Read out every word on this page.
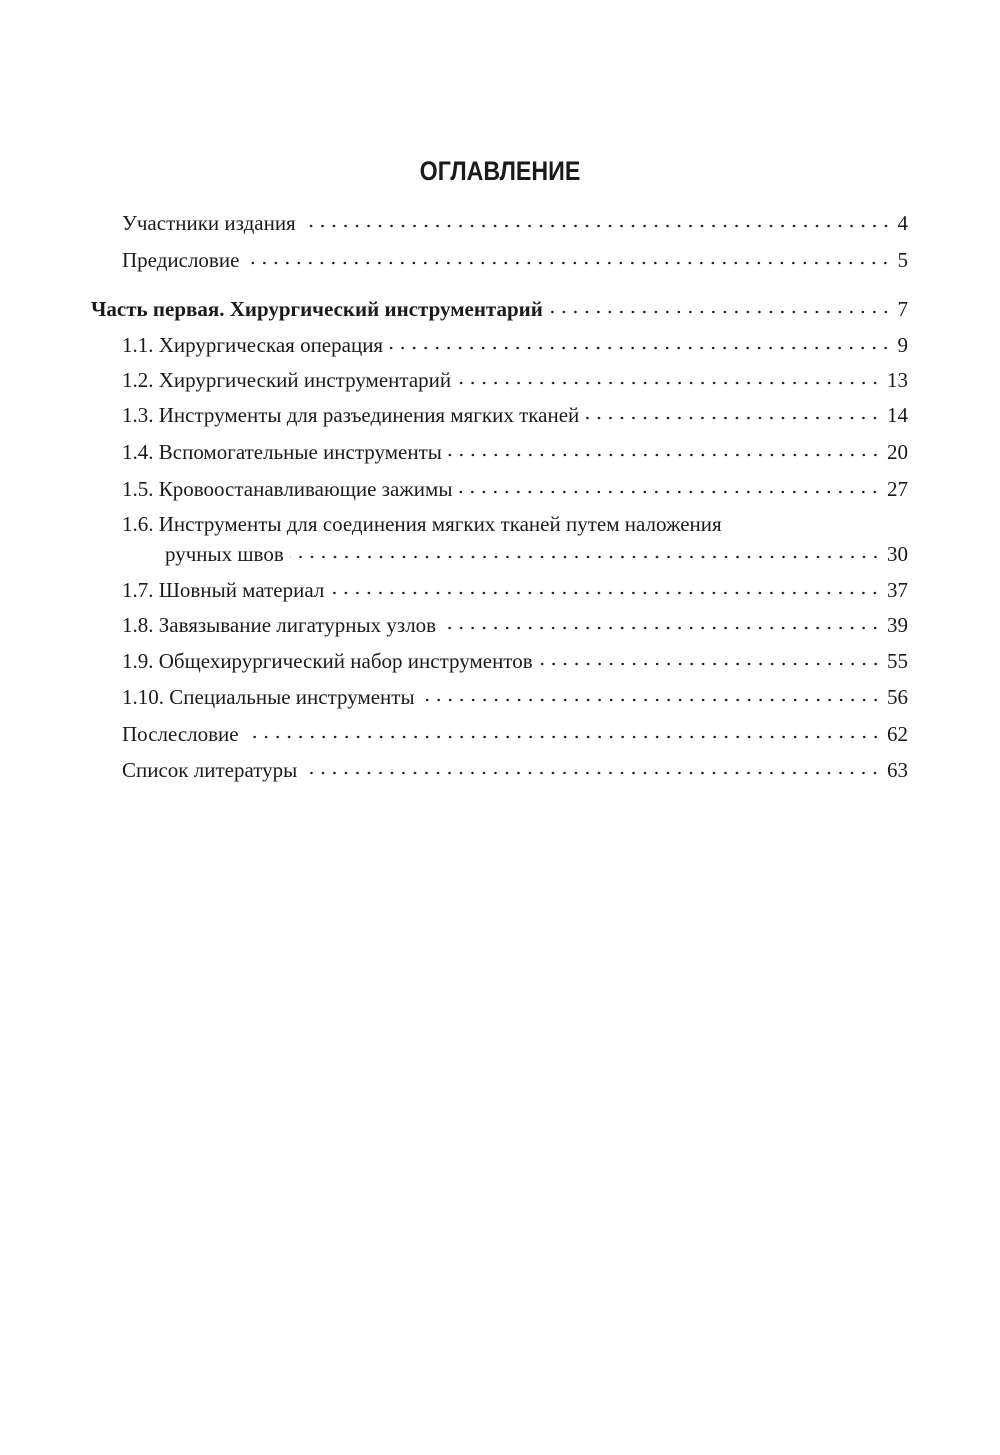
ОГЛАВЛЕНИЕ
Участники издания	4
Предисловие	5
Часть первая. Хирургический инструментарий	7
1.1. Хирургическая операция	9
1.2. Хирургический инструментарий	13
1.3. Инструменты для разъединения мягких тканей	14
1.4. Вспомогательные инструменты	20
1.5. Кровоостанавливающие зажимы	27
1.6. Инструменты для соединения мягких тканей путем наложения
ручных швов	30
1.7. Шовный материал	37
1.8. Завязывание лигатурных узлов	39
1.9. Общехирургический набор инструментов	55
1.10. Специальные инструменты	56
Послесловие	62
Список литературы	63
